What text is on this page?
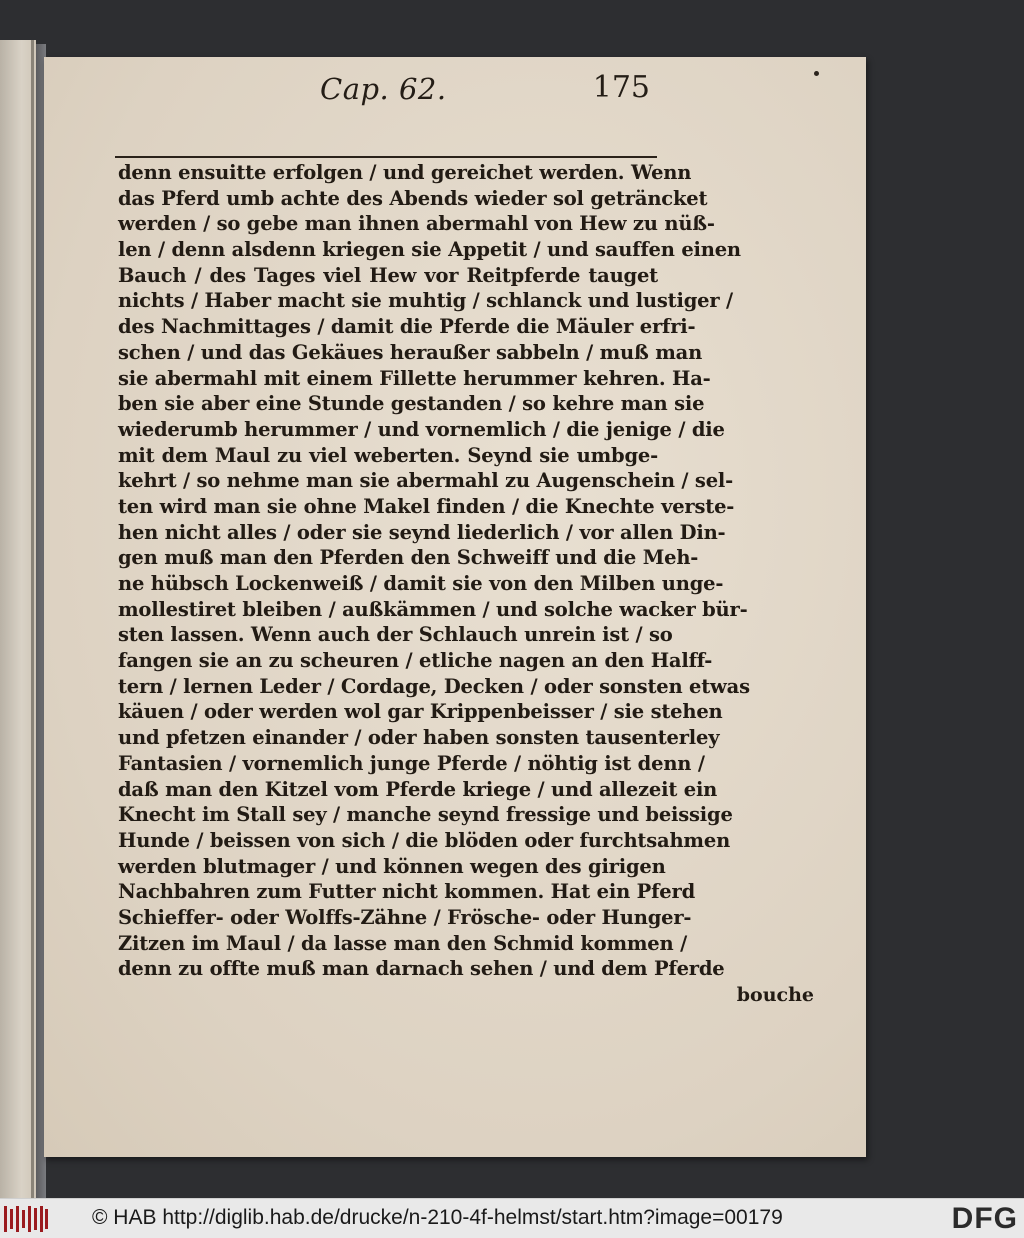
Cap. 62.	175
denn ensuitte erfolgen / und gereichet werden. Wenn
das Pferd umb achte des Abends wieder sol geträncket
werden / so gebe man ihnen abermahl von Hew zu nüß-
len / denn alsdenn kriegen sie Appetit / und sauffen einen
Bauch / des Tages viel Hew vor Reitpferde tauget
nichts / Haber macht sie muhtig / schlanck und lustiger /
des Nachmittages / damit die Pferde die Mäuler erfri-
schen / und das Gekäues heraußer sabbeln / muß man
sie abermahl mit einem Fillette herummer kehren. Ha-
ben sie aber eine Stunde gestanden / so kehre man sie
wiederumb herummer / und vornemlich / die jenige / die
mit dem Maul zu viel weberten. Seynd sie umbge-
kehrt / so nehme man sie abermahl zu Augenschein / sel-
ten wird man sie ohne Makel finden / die Knechte verste-
hen nicht alles / oder sie seynd liederlich / vor allen Din-
gen muß man den Pferden den Schweiff und die Meh-
ne hübsch Lockenweiß / damit sie von den Milben unge-
mollestiret bleiben / außkämmen / und solche wacker bür-
sten lassen. Wenn auch der Schlauch unrein ist / so
fangen sie an zu scheuren / etliche nagen an den Halff-
tern / lernen Leder / Cordage, Decken / oder sonsten etwas
käuen / oder werden wol gar Krippenbeisser / sie stehen
und pfetzen einander / oder haben sonsten tausenterley
Fantasien / vornemlich junge Pferde / nöhtig ist denn /
daß man den Kitzel vom Pferde kriege / und allezeit ein
Knecht im Stall sey / manche seynd fressige und beissige
Hunde / beissen von sich / die blöden oder furchtsahmen
werden blutmager / und können wegen des girigen
Nachbahren zum Futter nicht kommen. Hat ein Pferd
Schieffer- oder Wolffs-Zähne / Frösche- oder Hunger-
Zitzen im Maul / da lasse man den Schmid kommen /
denn zu offte muß man darnach sehen / und dem Pferde
bouche
© HAB http://diglib.hab.de/drucke/n-210-4f-helmst/start.htm?image=00179	DFG
